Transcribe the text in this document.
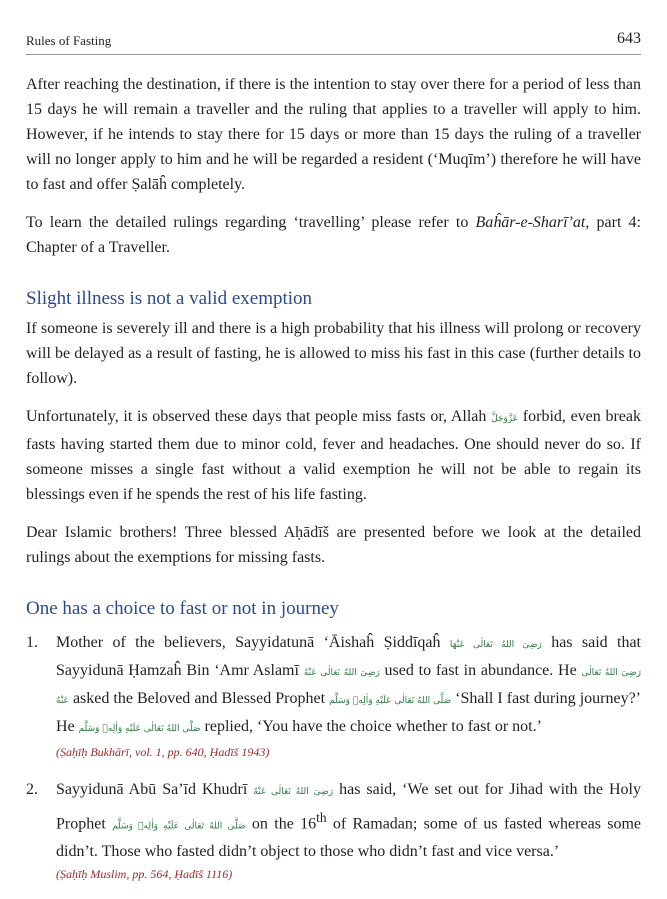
Rules of Fasting	643

After reaching the destination, if there is the intention to stay over there for a period of less than 15 days he will remain a traveller and the ruling that applies to a traveller will apply to him. However, if he intends to stay there for 15 days or more than 15 days the ruling of a traveller will no longer apply to him and he will be regarded a resident (‘Muqīm’) therefore he will have to fast and offer Ṣalāĥ completely.

To learn the detailed rulings regarding ‘travelling’ please refer to Baĥār-e-Sharī’at, part 4: Chapter of a Traveller.

Slight illness is not a valid exemption

If someone is severely ill and there is a high probability that his illness will prolong or recovery will be delayed as a result of fasting, he is allowed to miss his fast in this case (further details to follow).

Unfortunately, it is observed these days that people miss fasts or, Allah عَزَّوَجَلَّ forbid, even break fasts having started them due to minor cold, fever and headaches. One should never do so. If someone misses a single fast without a valid exemption he will not be able to regain its blessings even if he spends the rest of his life fasting.

Dear Islamic brothers! Three blessed Aḥādīš are presented before we look at the detailed rulings about the exemptions for missing fasts.

One has a choice to fast or not in journey
1. Mother of the believers, Sayyidatunā ‘Āishaĥ Ṣiddīqaĥ رَضِیَ اللهُ تَعَالٰی عَنْهَا has said that Sayyidunā Ḥamzaĥ Bin ‘Amr Aslamī رَضِیَ اللهُ تَعَالٰی عَنْهُ used to fast in abundance. He رَضِیَ اللهُ تَعَالٰی عَنْهُ asked the Beloved and Blessed Prophet صَلَّی اللهُ تَعَالٰی عَلَیْهِ وَاٰلِهٖ وَسَلَّم ‘Shall I fast during journey?’ He صَلَّی اللهُ تَعَالٰی عَلَیْهِ وَاٰلِهٖ وَسَلَّم replied, ‘You have the choice whether to fast or not.’

(Ṣaḥīḥ Bukhārī, vol. 1, pp. 640, Ḥadīš 1943)
2. Sayyidunā Abū Sa’īd Khudrī رَضِیَ اللهُ تَعَالٰی عَنْهُ has said, ‘We set out for Jihad with the Holy Prophet صَلَّی اللهُ تَعَالٰی عَلَیْهِ وَاٰلِهٖ وَسَلَّم on the 16th of Ramadan; some of us fasted whereas some didn’t. Those who fasted didn’t object to those who didn’t fast and vice versa.’

(Ṣaḥīḥ Muslim, pp. 564, Ḥadīš 1116)
